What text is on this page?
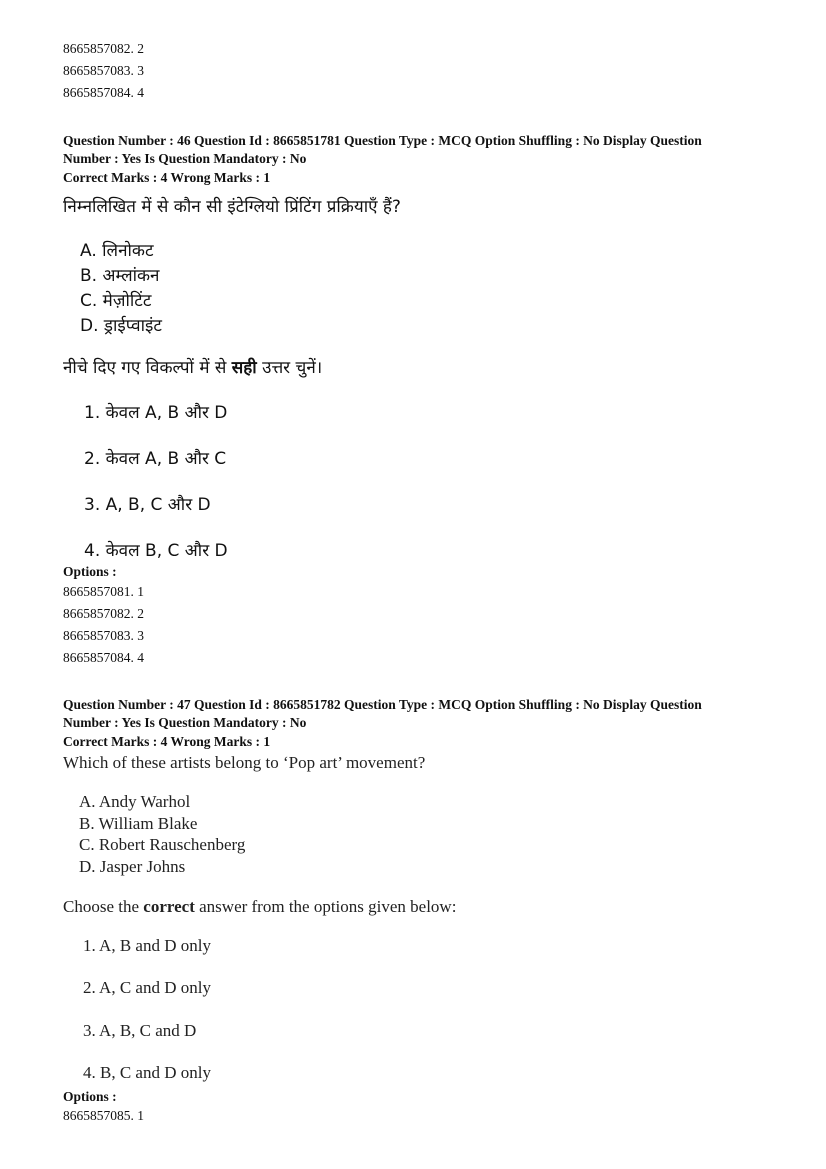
8665857082. 2
8665857083. 3
8665857084. 4
Question Number : 46 Question Id : 8665851781 Question Type : MCQ Option Shuffling : No Display Question
Number : Yes Is Question Mandatory : No
Correct Marks : 4 Wrong Marks : 1
निम्नलिखित में से कौन सी इंटेग्लियो प्रिंटिंग प्रक्रियाएँ हैं?
A. लिनोकट
B. अम्लांकन
C. मेज़ोटिंट
D. ड्राईप्वाइंट
नीचे दिए गए विकल्पों में से सही उत्तर चुनें।
1. केवल A, B और D
2. केवल A, B और C
3. A, B, C और D
4. केवल B, C और D
Options :
8665857081. 1
8665857082. 2
8665857083. 3
8665857084. 4
Question Number : 47 Question Id : 8665851782 Question Type : MCQ Option Shuffling : No Display Question
Number : Yes Is Question Mandatory : No
Correct Marks : 4 Wrong Marks : 1
Which of these artists belong to ‘Pop art’ movement?
A. Andy Warhol
B. William Blake
C. Robert Rauschenberg
D. Jasper Johns
Choose the correct answer from the options given below:
1. A, B and D only
2. A, C and D only
3. A, B, C and D
4. B, C and D only
Options :
8665857085. 1
